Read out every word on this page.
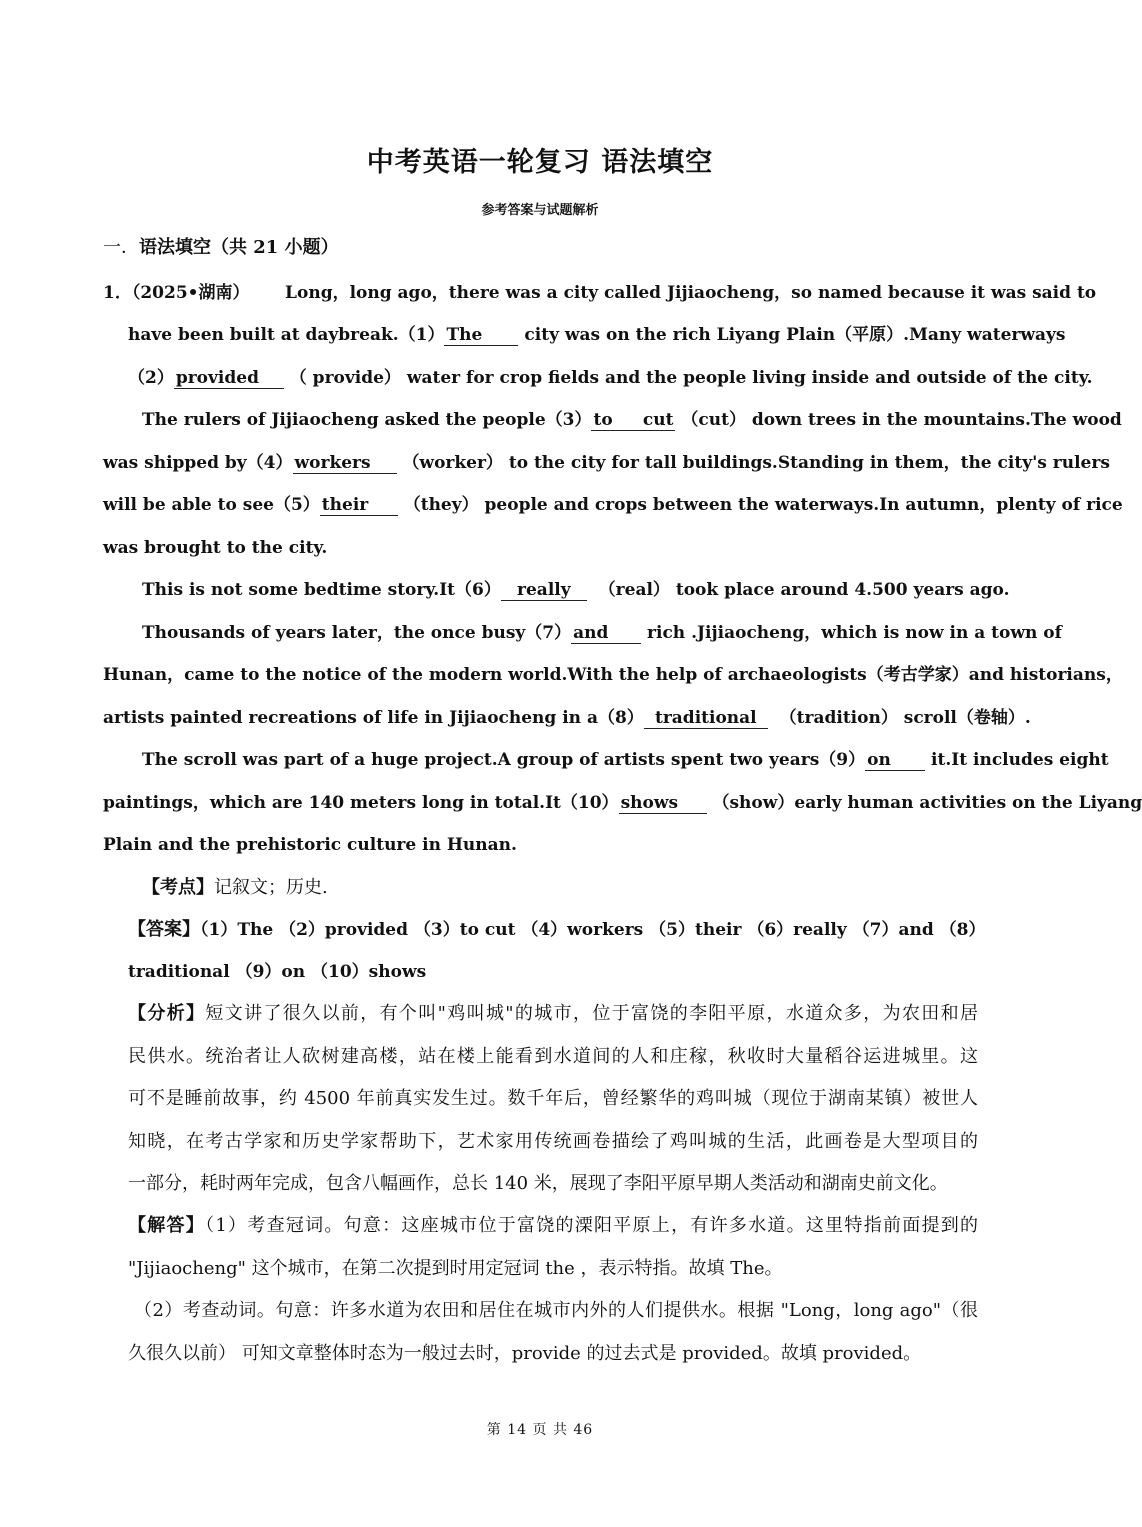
中考英语一轮复习 语法填空
参考答案与试题解析
一．语法填空（共 21 小题）
1．（2025•湖南） Long，long ago，there was a city called Jijiaocheng，so named because it was said to
have been built at daybreak.（1） The city was on the rich Liyang Plain（平原）.Many waterways
（2） provided （ provide） water for crop fields and the people living inside and outside of the city.
The rulers of Jijiaocheng asked the people（3） to cut （cut） down trees in the mountains.The wood
was shipped by（4） workers （worker） to the city for tall buildings.Standing in them，the city's rulers
will be able to see（5） their （they） people and crops between the waterways.In autumn，plenty of rice
was brought to the city.
This is not some bedtime story.It（6） really （real） took place around 4.500 years ago.
Thousands of years later，the once busy（7） and rich .Jijiaocheng，which is now in a town of
Hunan，came to the notice of the modern world.With the help of archaeologists（考古学家）and historians，
artists painted recreations of life in Jijiaocheng in a（8） traditional （tradition） scroll（卷轴）.
The scroll was part of a huge project.A group of artists spent two years（9） on it.It includes eight
paintings，which are 140 meters long in total.It（10） shows （show）early human activities on the Liyang
Plain and the prehistoric culture in Hunan.
【考点】记叙文；历史.
【答案】（1）The （2）provided （3）to cut （4）workers （5）their （6）really （7）and （8）
traditional （9）on （10）shows
【分析】短文讲了很久以前，有个叫"鸡叫城"的城市，位于富饶的李阳平原，水道众多，为农田和居
民供水。统治者让人砍树建高楼，站在楼上能看到水道间的人和庄稼，秋收时大量稻谷运进城里。这
可不是睡前故事，约 4500 年前真实发生过。数千年后，曾经繁华的鸡叫城（现位于湖南某镇）被世人
知晓，在考古学家和历史学家帮助下，艺术家用传统画卷描绘了鸡叫城的生活，此画卷是大型项目的
一部分，耗时两年完成，包含八幅画作，总长 140 米，展现了李阳平原早期人类活动和湖南史前文化。
【解答】（1）考查冠词。句意：这座城市位于富饶的溧阳平原上，有许多水道。这里特指前面提到的
"Jijiaocheng" 这个城市，在第二次提到时用定冠词 the ，表示特指。故填 The。
（2）考查动词。句意：许多水道为农田和居住在城市内外的人们提供水。根据 "Long，long ago"（很
久很久以前） 可知文章整体时态为一般过去时，provide 的过去式是 provided。故填 provided。
第 14 页 共 46
